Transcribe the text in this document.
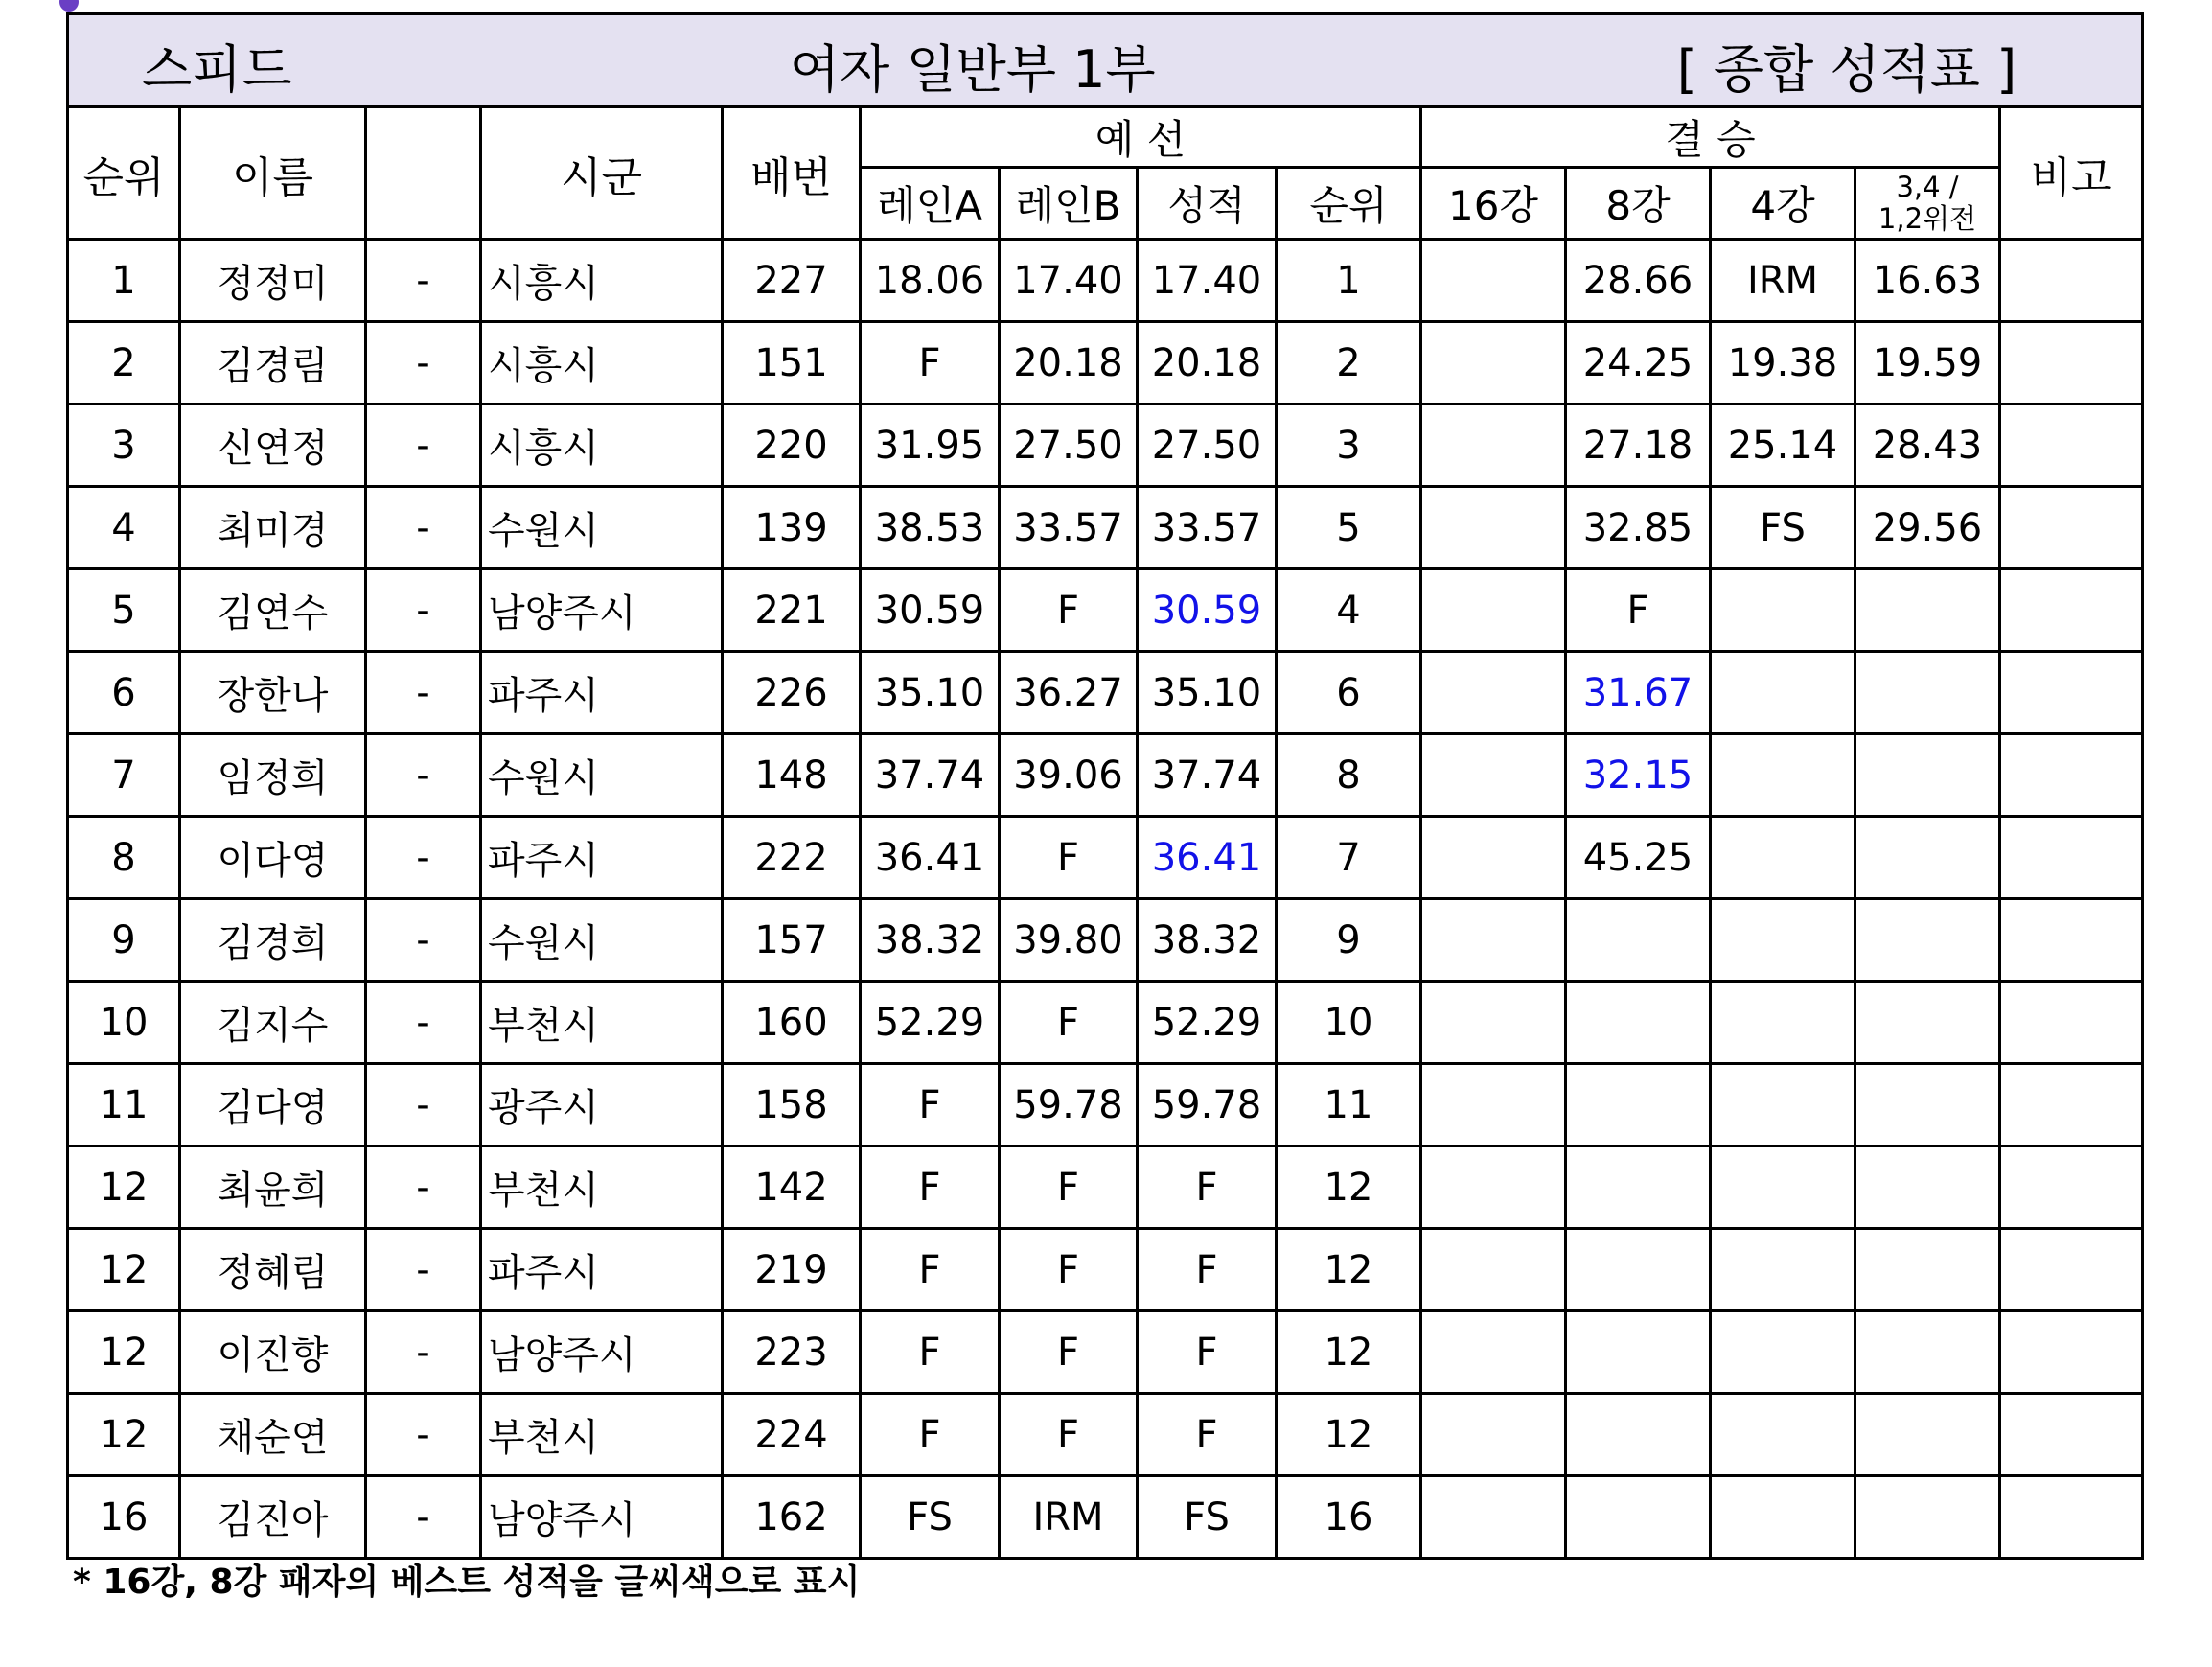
스피드 여자 일반부 1부 [ 종합 성적표 ]													

순위	이름		시군	배번	예 선				결 승				비고
					레인A	레인B	성적	순위	16강	8강	4강	3,4 /
1,2위전	
1	정정미	-	시흥시	227	18.06	17.40	17.40	1		28.66	IRM	16.63	
2	김경림	-	시흥시	151	F	20.18	20.18	2		24.25	19.38	19.59	
3	신연정	-	시흥시	220	31.95	27.50	27.50	3		27.18	25.14	28.43	
4	최미경	-	수원시	139	38.53	33.57	33.57	5		32.85	FS	29.56	
5	김연수	-	남양주시	221	30.59	F	30.59	4		F			
6	장한나	-	파주시	226	35.10	36.27	35.10	6		31.67			
7	임정희	-	수원시	148	37.74	39.06	37.74	8		32.15			
8	이다영	-	파주시	222	36.41	F	36.41	7		45.25			
9	김경희	-	수원시	157	38.32	39.80	38.32	9					
10	김지수	-	부천시	160	52.29	F	52.29	10					
11	김다영	-	광주시	158	F	59.78	59.78	11					
12	최윤희	-	부천시	142	F	F	F	12					
12	정혜림	-	파주시	219	F	F	F	12					
12	이진향	-	남양주시	223	F	F	F	12					
12	채순연	-	부천시	224	F	F	F	12					
16	김진아	-	남양주시	162	FS	IRM	FS	16					
* 16강, 8강 패자의 베스트 성적을 글씨색으로 표시
